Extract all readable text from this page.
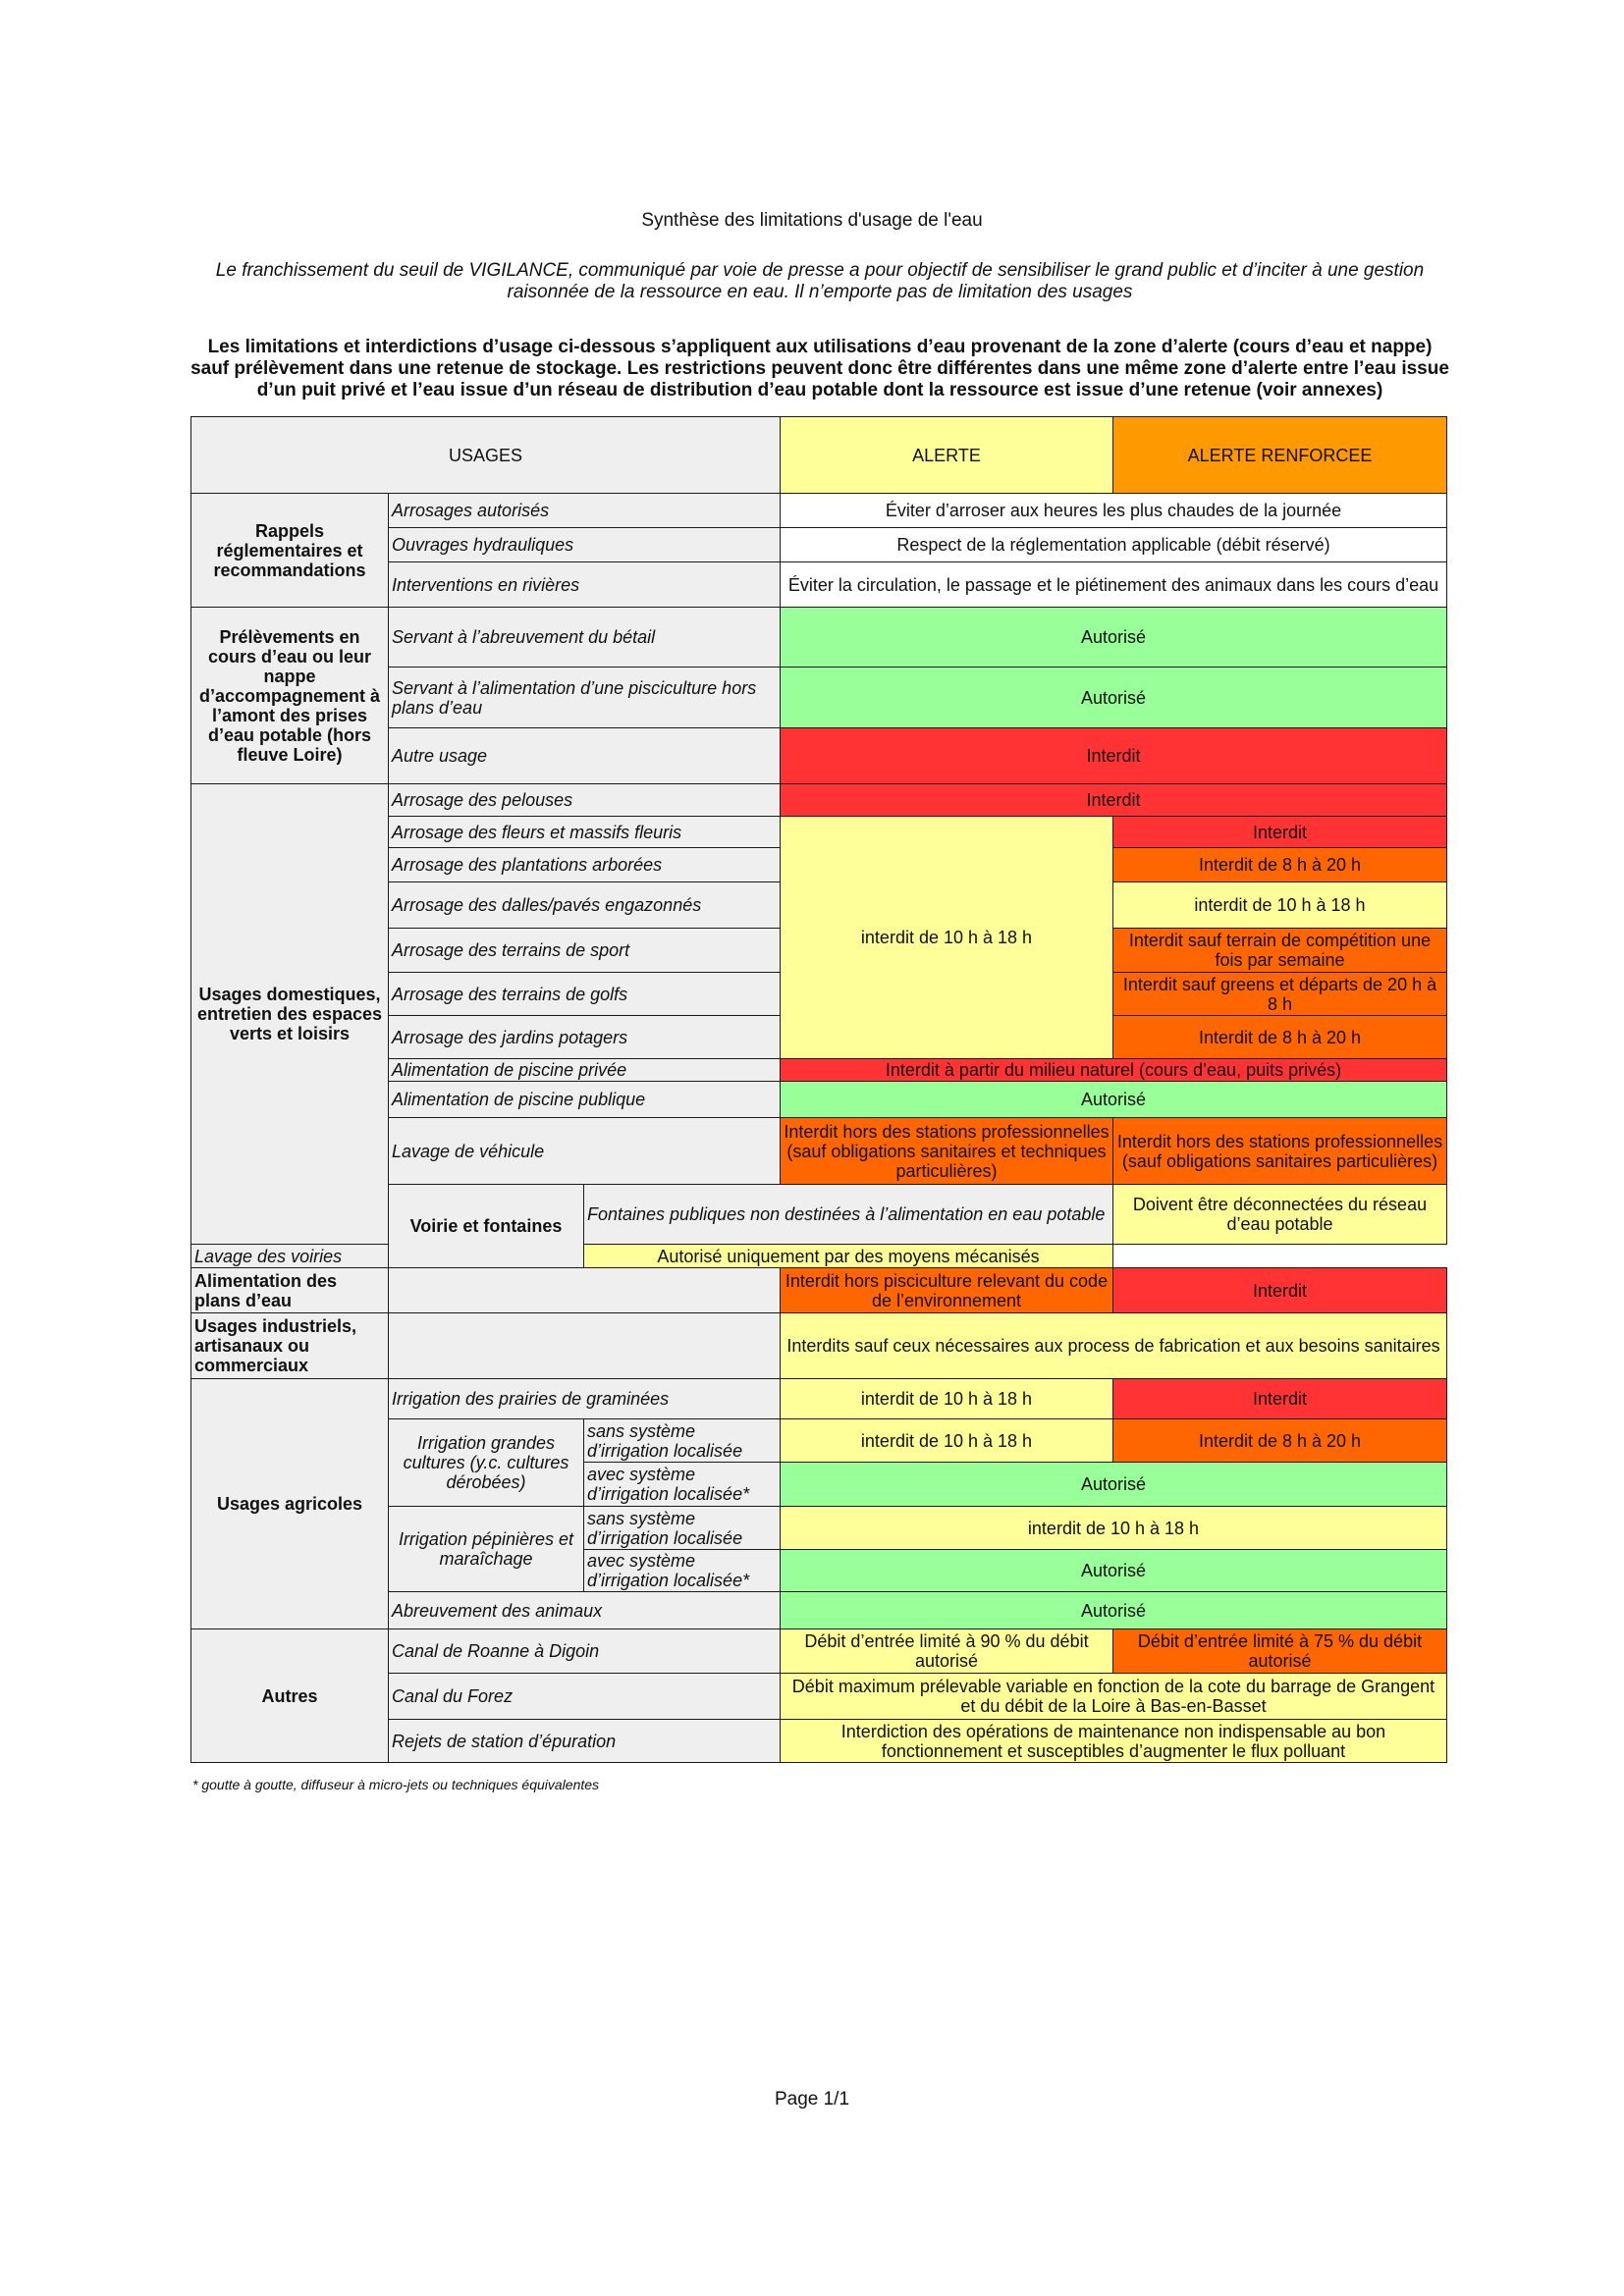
Synthèse des limitations d'usage de l'eau
Le franchissement du seuil de VIGILANCE, communiqué par voie de presse a pour objectif de sensibiliser le grand public et d’inciter à une gestion raisonnée de la ressource en eau. Il n’emporte pas de limitation des usages
Les limitations et interdictions d’usage ci-dessous s’appliquent aux utilisations d’eau provenant de la zone d’alerte (cours d’eau et nappe) sauf prélèvement dans une retenue de stockage. Les restrictions peuvent donc être différentes dans une même zone d’alerte entre l’eau issue d’un puit privé et l’eau issue d’un réseau de distribution d’eau potable dont la ressource est issue d’une retenue (voir annexes)
USAGES			ALERTE	ALERTE RENFORCEE	
Rappels réglementaires et recommandations	Arrosages autorisés		Éviter d’arroser aux heures les plus chaudes de la journée		
	Ouvrages hydrauliques		Respect de la réglementation applicable (débit réservé)		
	Interventions en rivières		Éviter la circulation, le passage et le piétinement des animaux dans les cours d’eau		
Prélèvements en cours d’eau ou leur nappe d’accompagnement à l’amont des prises d’eau potable (hors fleuve Loire)	Servant à l’abreuvement du bétail		Autorisé		
	Servant à l’alimentation d’une pisciculture hors plans d’eau		Autorisé		
	Autre usage		Interdit		
Usages domestiques, entretien des espaces verts et loisirs	Arrosage des pelouses		Interdit		
	Arrosage des fleurs et massifs fleuris		interdit de 10 h à 18 h	Interdit	
	Arrosage des plantations arborées			Interdit de 8 h à 20 h	
	Arrosage des dalles/pavés engazonnés			interdit de 10 h à 18 h	
	Arrosage des terrains de sport			Interdit sauf terrain de compétition une fois par semaine	
	Arrosage des terrains de golfs			Interdit sauf greens et départs de 20 h à 8 h	
	Arrosage des jardins potagers			Interdit de 8 h à 20 h	
	Alimentation de piscine privée		Interdit à partir du milieu naturel (cours d’eau, puits privés)		
	Alimentation de piscine publique		Autorisé		
	Lavage de véhicule		Interdit hors des stations professionnelles (sauf obligations sanitaires et techniques particulières)	Interdit hors des stations professionnelles (sauf obligations sanitaires particulières)	
	Voirie et fontaines	Fontaines publiques non destinées à l’alimentation en eau potable		Doivent être déconnectées du réseau d’eau potable	
Lavage des voiries		Autorisé uniquement par des moyens mécanisés			
Alimentation des plans d’eau			Interdit hors pisciculture relevant du code de l’environnement	Interdit	
Usages industriels, artisanaux ou commerciaux			Interdits sauf ceux nécessaires aux process de fabrication et aux besoins sanitaires		
Usages agricoles	Irrigation des prairies de graminées		interdit de 10 h à 18 h	Interdit	
	Irrigation grandes cultures (y.c. cultures dérobées)	sans système d’irrigation localisée	interdit de 10 h à 18 h	Interdit de 8 h à 20 h	
		avec système d’irrigation localisée*	Autorisé		
	Irrigation pépinières et maraîchage	sans système d’irrigation localisée	interdit de 10 h à 18 h		
		avec système d’irrigation localisée*	Autorisé		
	Abreuvement des animaux		Autorisé		
Autres	Canal de Roanne à Digoin		Débit d’entrée limité à 90 % du débit autorisé	Débit d’entrée limité à 75 % du débit autorisé	
	Canal du Forez		Débit maximum prélevable variable en fonction de la cote du barrage de Grangent et du débit de la Loire à Bas-en-Basset		
	Rejets de station d’épuration		Interdiction des opérations de maintenance non indispensable au bon fonctionnement et susceptibles d’augmenter le flux polluant		
* goutte à goutte, diffuseur à micro-jets ou techniques équivalentes
Page 1/1
